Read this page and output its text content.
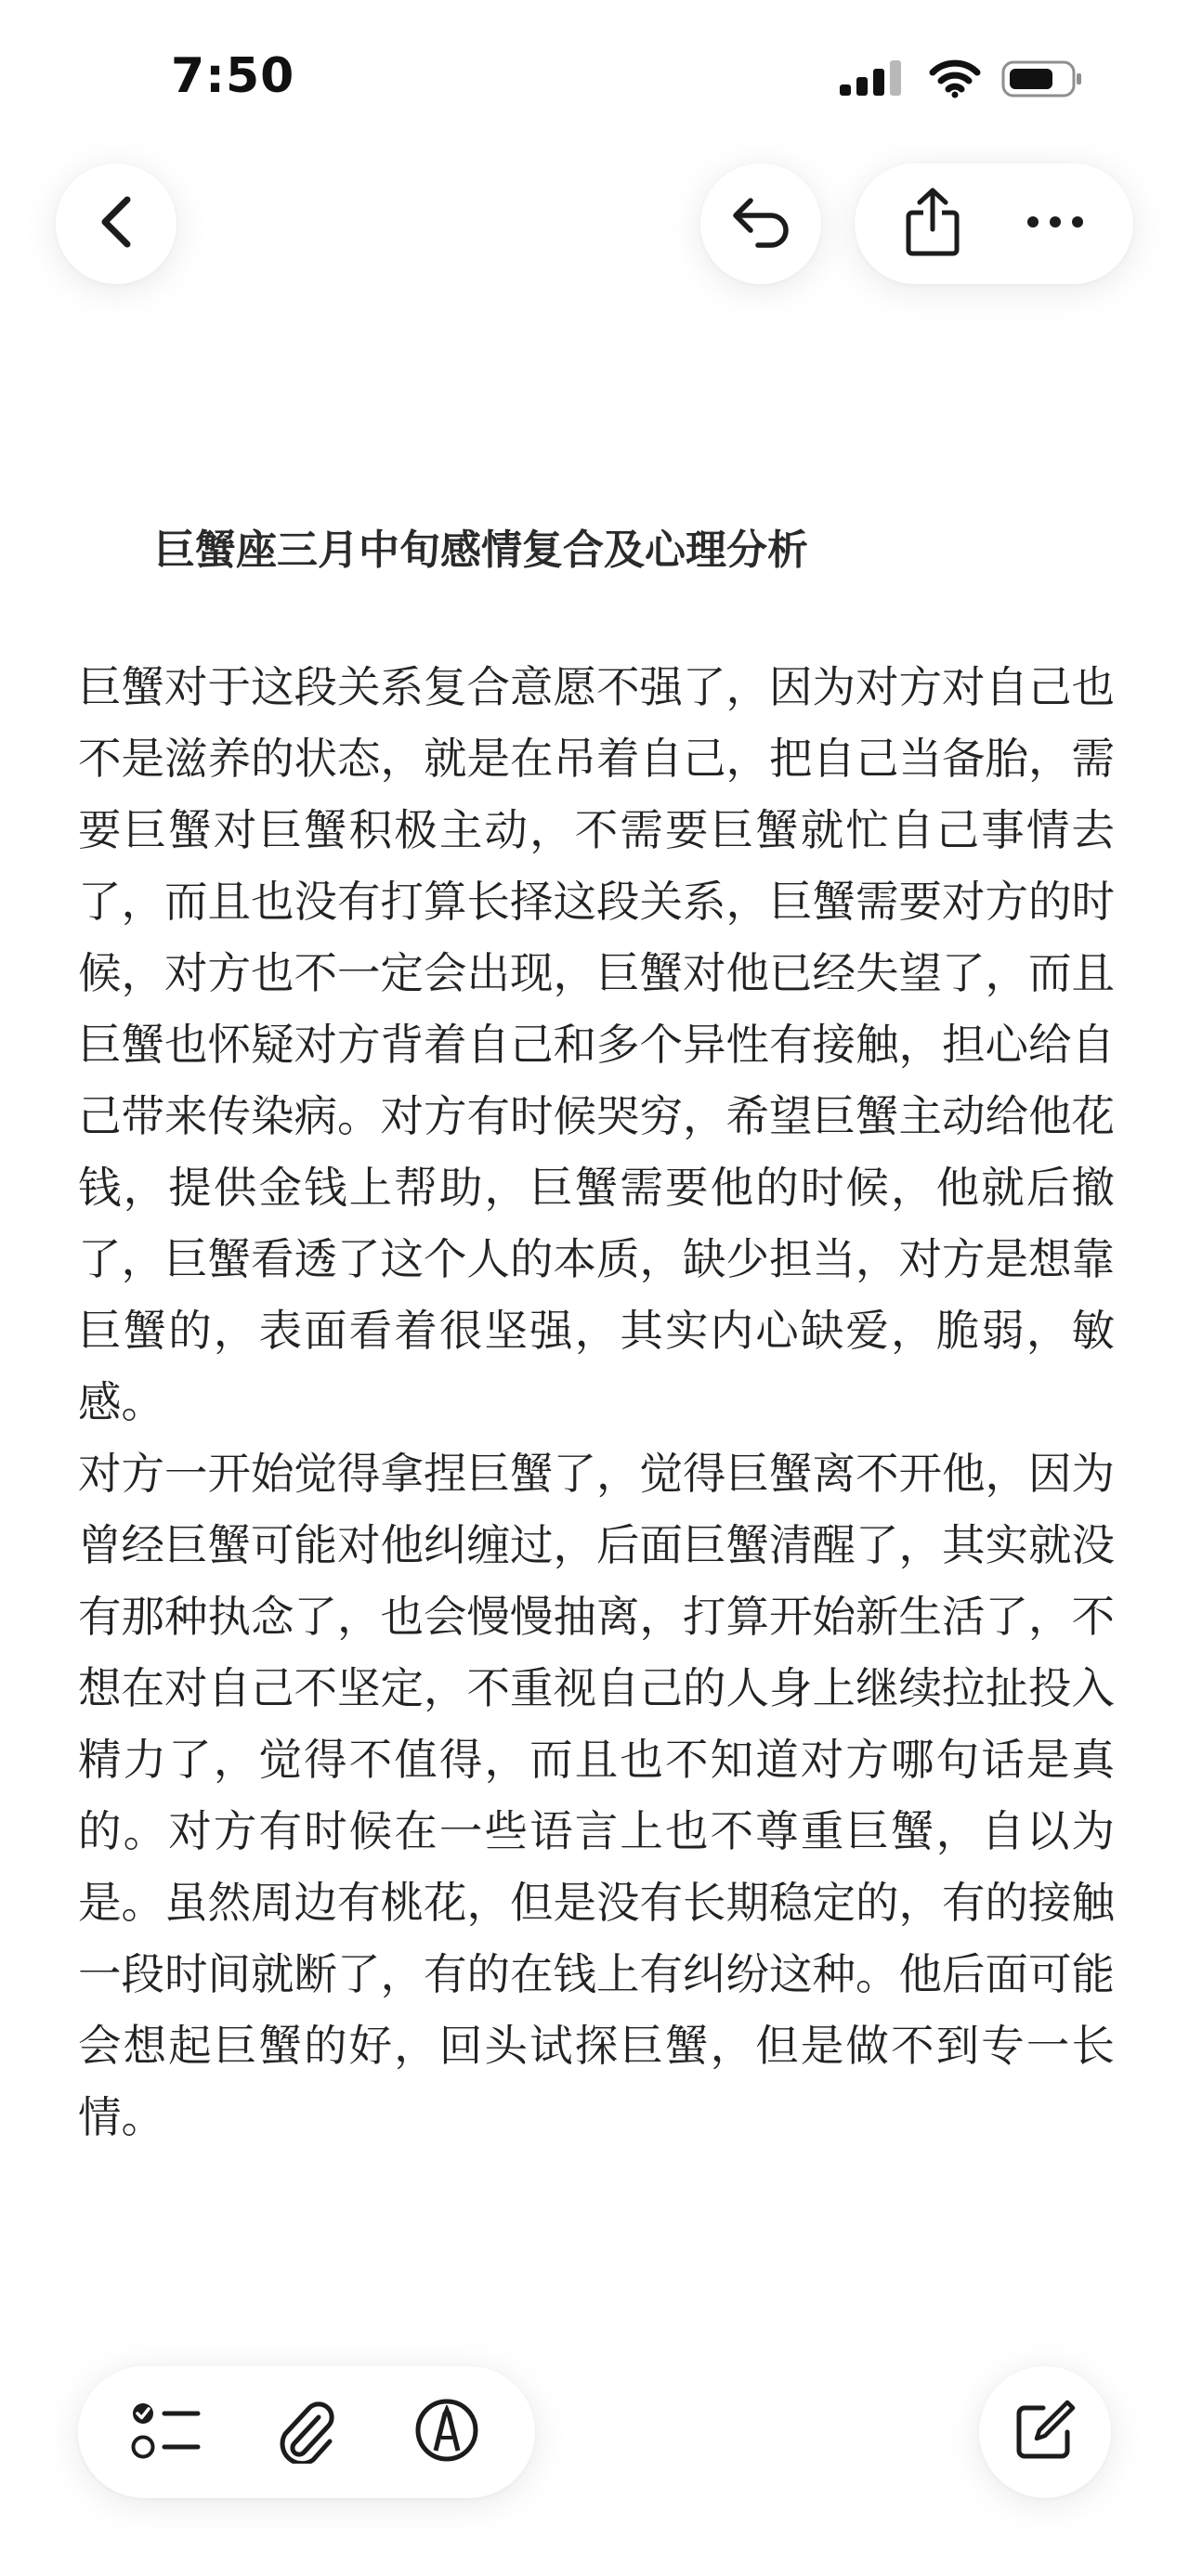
7:50
巨蟹座三月中旬感情复合及心理分析

巨蟹对于这段关系复合意愿不强了，因为对方对自己也不是滋养的状态，就是在吊着自己，把自己当备胎，需要巨蟹对巨蟹积极主动，不需要巨蟹就忙自己事情去了，而且也没有打算长择这段关系，巨蟹需要对方的时候，对方也不一定会出现，巨蟹对他已经失望了，而且巨蟹也怀疑对方背着自己和多个异性有接触，担心给自己带来传染病。对方有时候哭穷，希望巨蟹主动给他花钱，提供金钱上帮助，巨蟹需要他的时候，他就后撤了，巨蟹看透了这个人的本质，缺少担当，对方是想靠巨蟹的，表面看着很坚强，其实内心缺爱，脆弱，敏感。

对方一开始觉得拿捏巨蟹了，觉得巨蟹离不开他，因为曾经巨蟹可能对他纠缠过，后面巨蟹清醒了，其实就没有那种执念了，也会慢慢抽离，打算开始新生活了，不想在对自己不坚定，不重视自己的人身上继续拉扯投入精力了，觉得不值得，而且也不知道对方哪句话是真的。对方有时候在一些语言上也不尊重巨蟹，自以为是。虽然周边有桃花，但是没有长期稳定的，有的接触一段时间就断了，有的在钱上有纠纷这种。他后面可能会想起巨蟹的好，回头试探巨蟹，但是做不到专一长情。
